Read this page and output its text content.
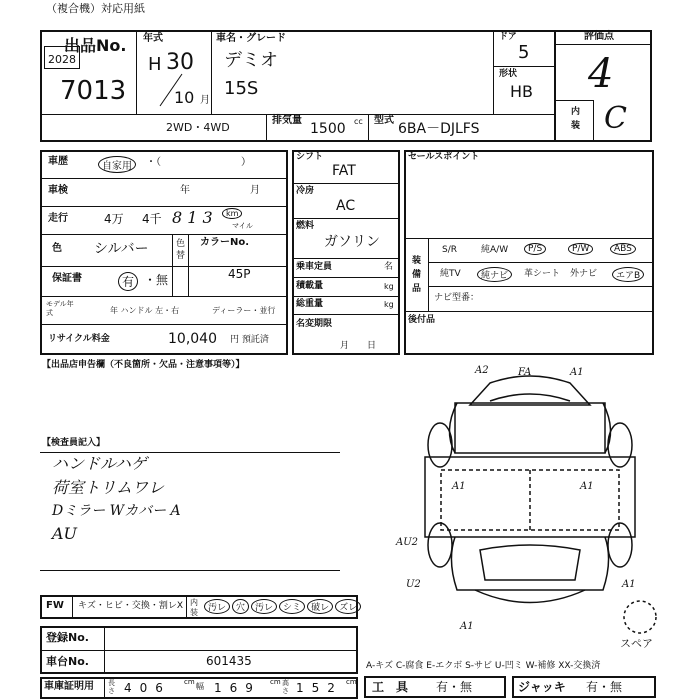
（複合機）対応用紙
出品No.
2028
7013
年式
H 30
10 月
車名・グレード
デミオ
15S
ドア
5
形状
HB
評価点
4
内装 C
2WD・4WD
排気量
1500 cc 型式
6BA－DJLFS
車歴	自家用	・（　　　　　　　　）
車検	年	月
走行	4万 4千 8 1 3	km
マイル
色 シルバー	色替
カラーNo.
45P
保証書	有 ・無
モデル年式	年 ハンドル 左・右	ディーラー・並行
リサイクル料金	10,040 円 預託済
シフト
FAT
冷房
AC
燃料
ガソリン
乗車定員	名
積載量	kg
総重量	kg
名変期限
月　　日
セールスポイント
装備品
S/R	純A/W	P/S	P/W	ABS
純TV	純ナビ	革シート 外ナビ	エアB
ナビ型番：
後付品
【出品店申告欄（不良箇所・欠品・注意事項等）】
【検査員記入】
ハンドルハゲ
荷室トリムワレ
Dミラー Wカバー A
AU
A2	FA	A1
A1	A1
AU2
U2	A1
A1
スペア
FW キズ・ヒビ・交換・割レX 内装	汚レ	穴	汚レ	シミ	破レ	ズレ
登録No.
車台No.	601435
車庫証明用 長さ 4 0 6	cm 幅 1 6 9 cm 高さ 1 5 2 cm
A-キズ C-腐食 E-エクボ S-サビ U-凹ミ W-補修 XX-交換済
工　具 有・無	ジャッキ 有・無
